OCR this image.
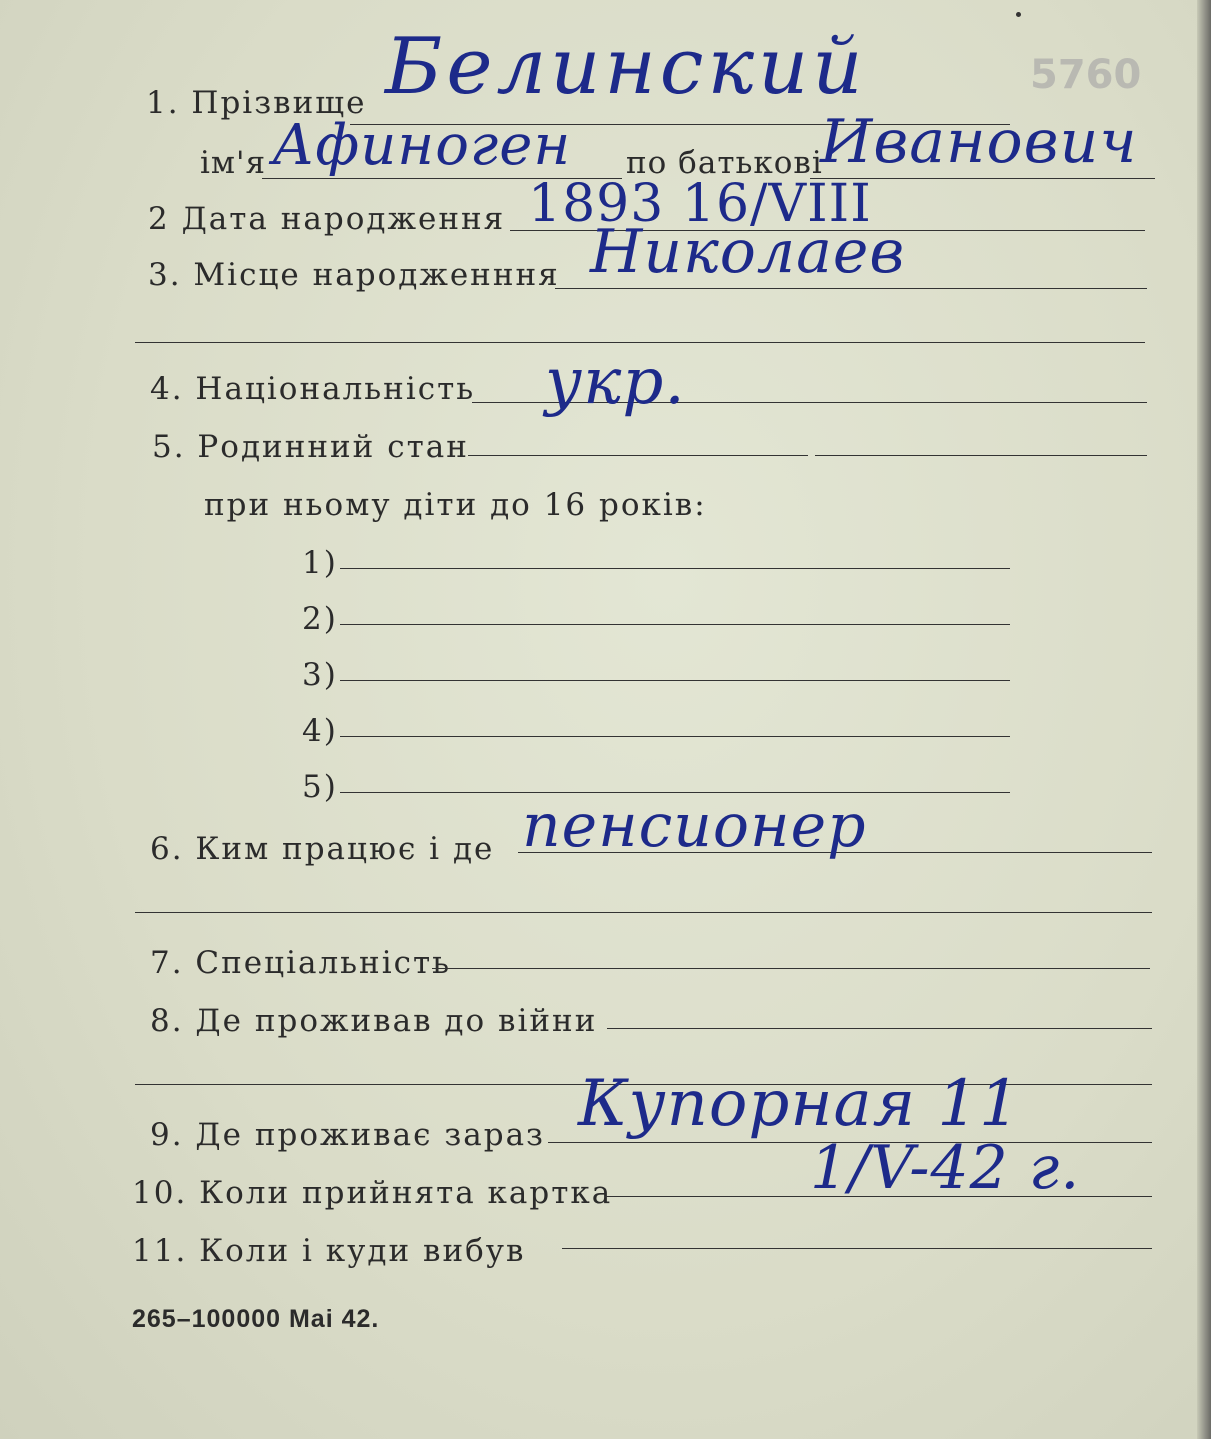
5760
1. Прізвище Белинский
ім'я Афиноген по батькові
Иванович
2 Дата народження 1893 16/VIII
3. Місце народженння Николаев
4. Національність укр.
5. Родинний стан
при ньому діти до 16 років:
1)
2)
3)
4)
5)
6. Ким працює і де пенсионер
7. Спеціальність
8. Де проживав до війни
9. Де проживає зараз Купорная 11
10. Коли прийнята картка	1/V-42 г.
11. Коли і куди вибув
265–100000 Mai 42.
